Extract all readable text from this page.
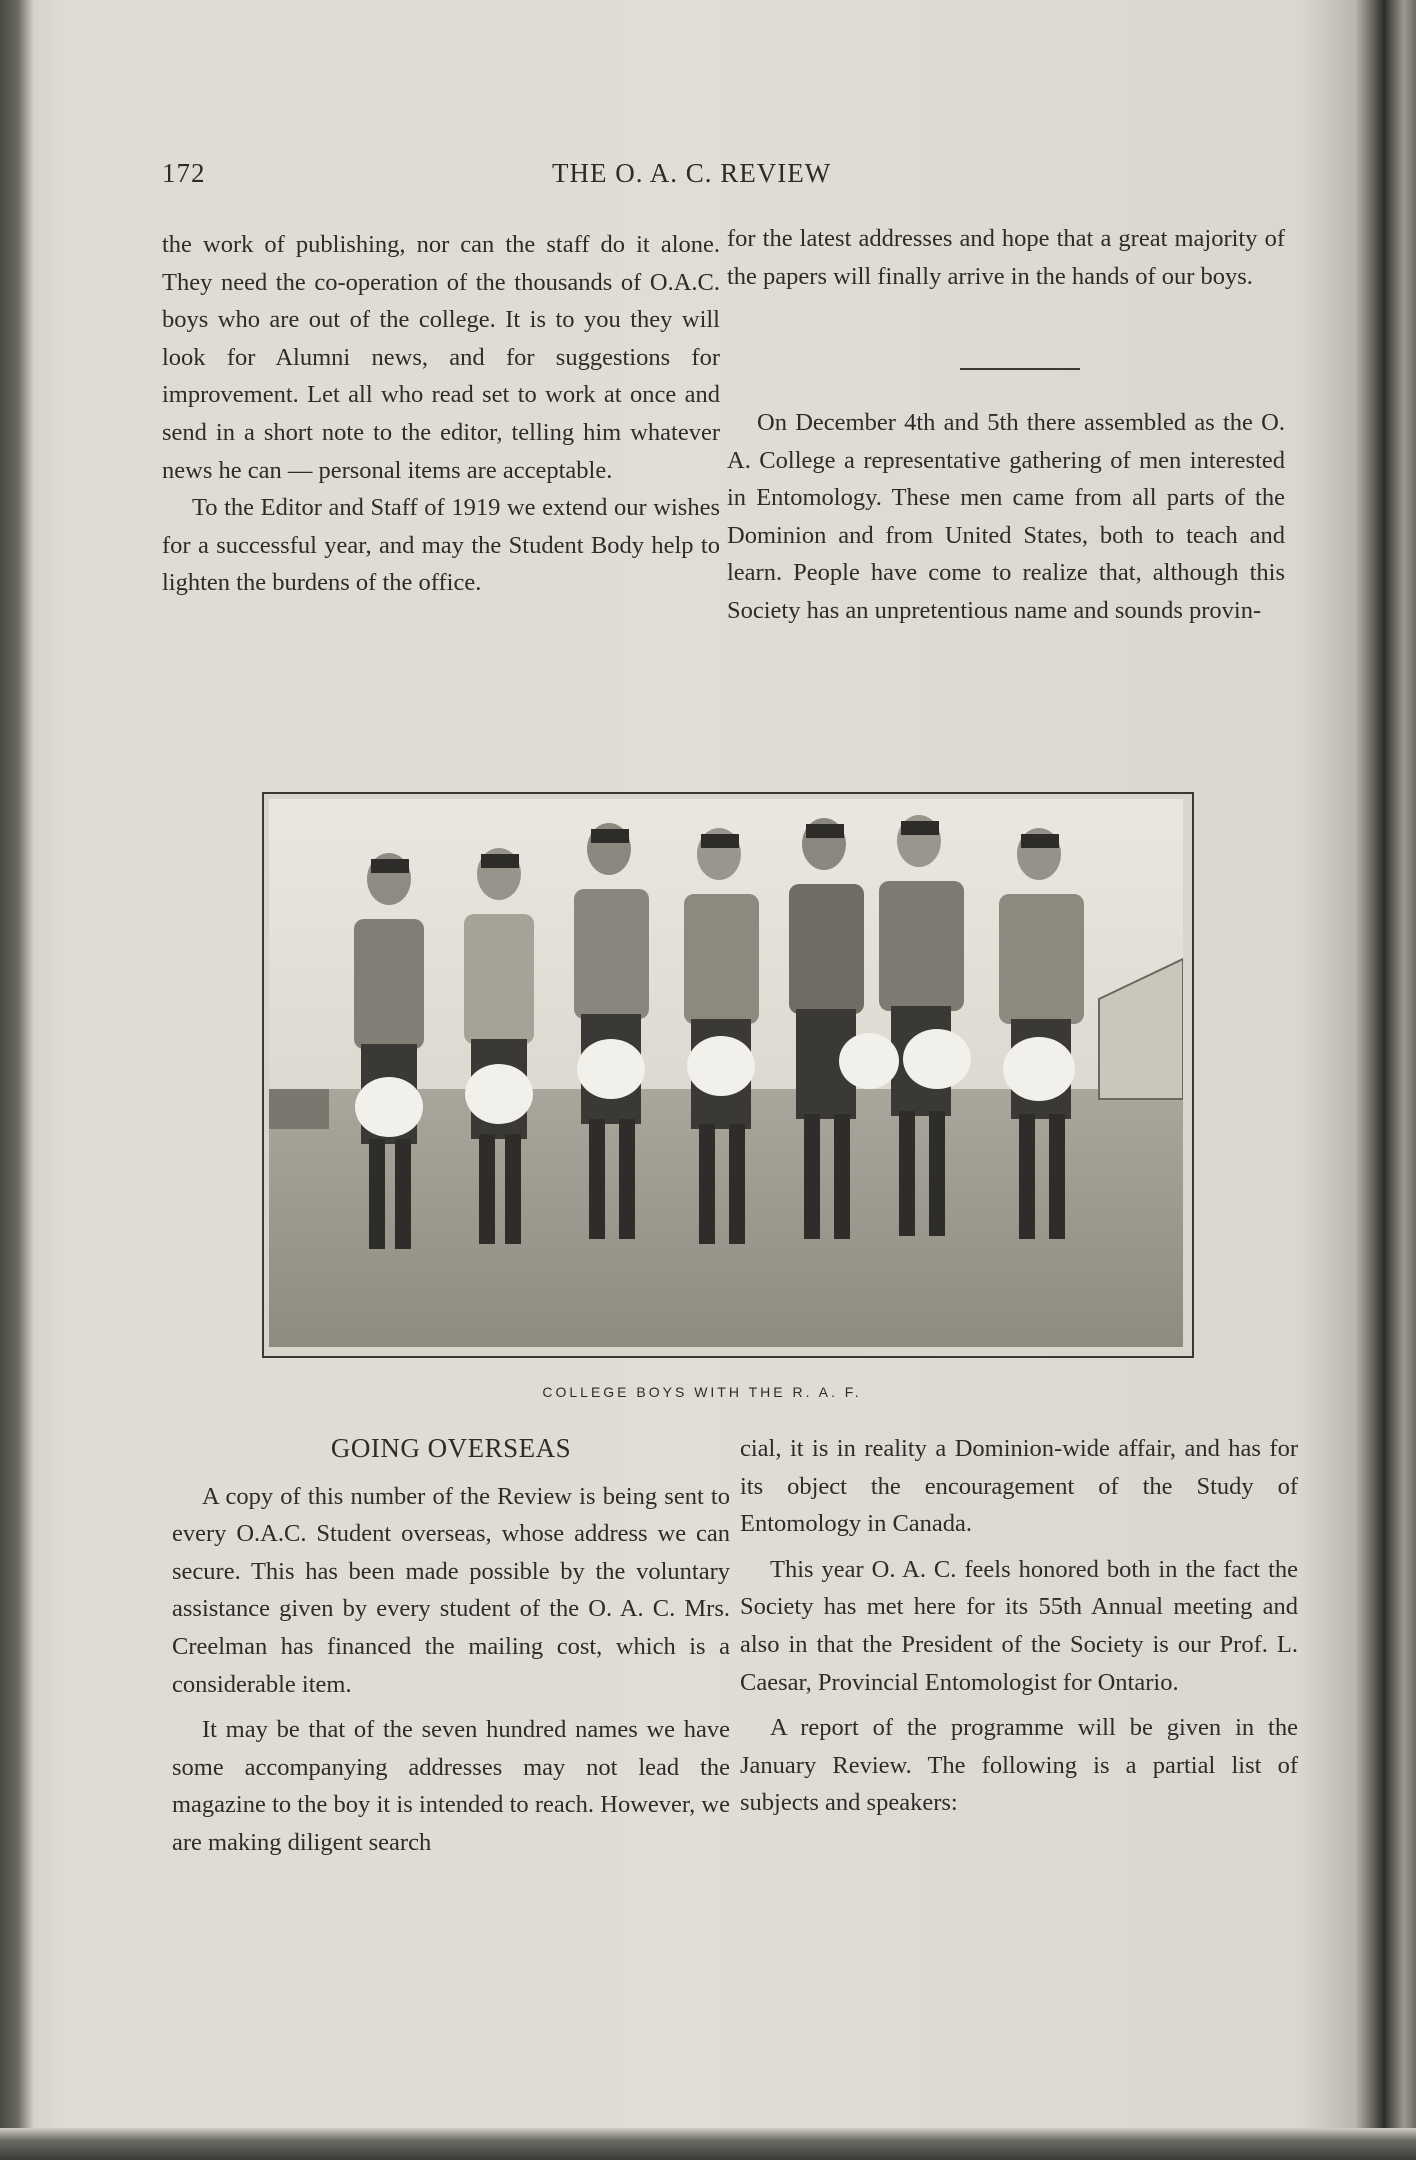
172	THE O. A. C. REVIEW

the work of publishing, nor can the staff do it alone. They need the co-operation of the thousands of O.A.C. boys who are out of the college. It is to you they will look for Alumni news, and for suggestions for improvement. Let all who read set to work at once and send in a short note to the editor, telling him whatever news he can — personal items are acceptable.

To the Editor and Staff of 1919 we extend our wishes for a successful year, and may the Student Body help to lighten the burdens of the office.

for the latest addresses and hope that a great majority of the papers will finally arrive in the hands of our boys.

On December 4th and 5th there assembled as the O. A. College a representative gathering of men interested in Entomology. These men came from all parts of the Dominion and from United States, both to teach and learn. People have come to realize that, although this Society has an unpretentious name and sounds provin-

COLLEGE BOYS WITH THE R. A. F.
GOING OVERSEAS

A copy of this number of the Review is being sent to every O.A.C. Student overseas, whose address we can secure. This has been made possible by the voluntary assistance given by every student of the O. A. C. Mrs. Creelman has financed the mailing cost, which is a considerable item.

It may be that of the seven hundred names we have some accompanying addresses may not lead the magazine to the boy it is intended to reach. However, we are making diligent search

cial, it is in reality a Dominion-wide affair, and has for its object the encouragement of the Study of Entomology in Canada.

This year O. A. C. feels honored both in the fact the Society has met here for its 55th Annual meeting and also in that the President of the Society is our Prof. L. Caesar, Provincial Entomologist for Ontario.

A report of the programme will be given in the January Review. The following is a partial list of subjects and speakers:
